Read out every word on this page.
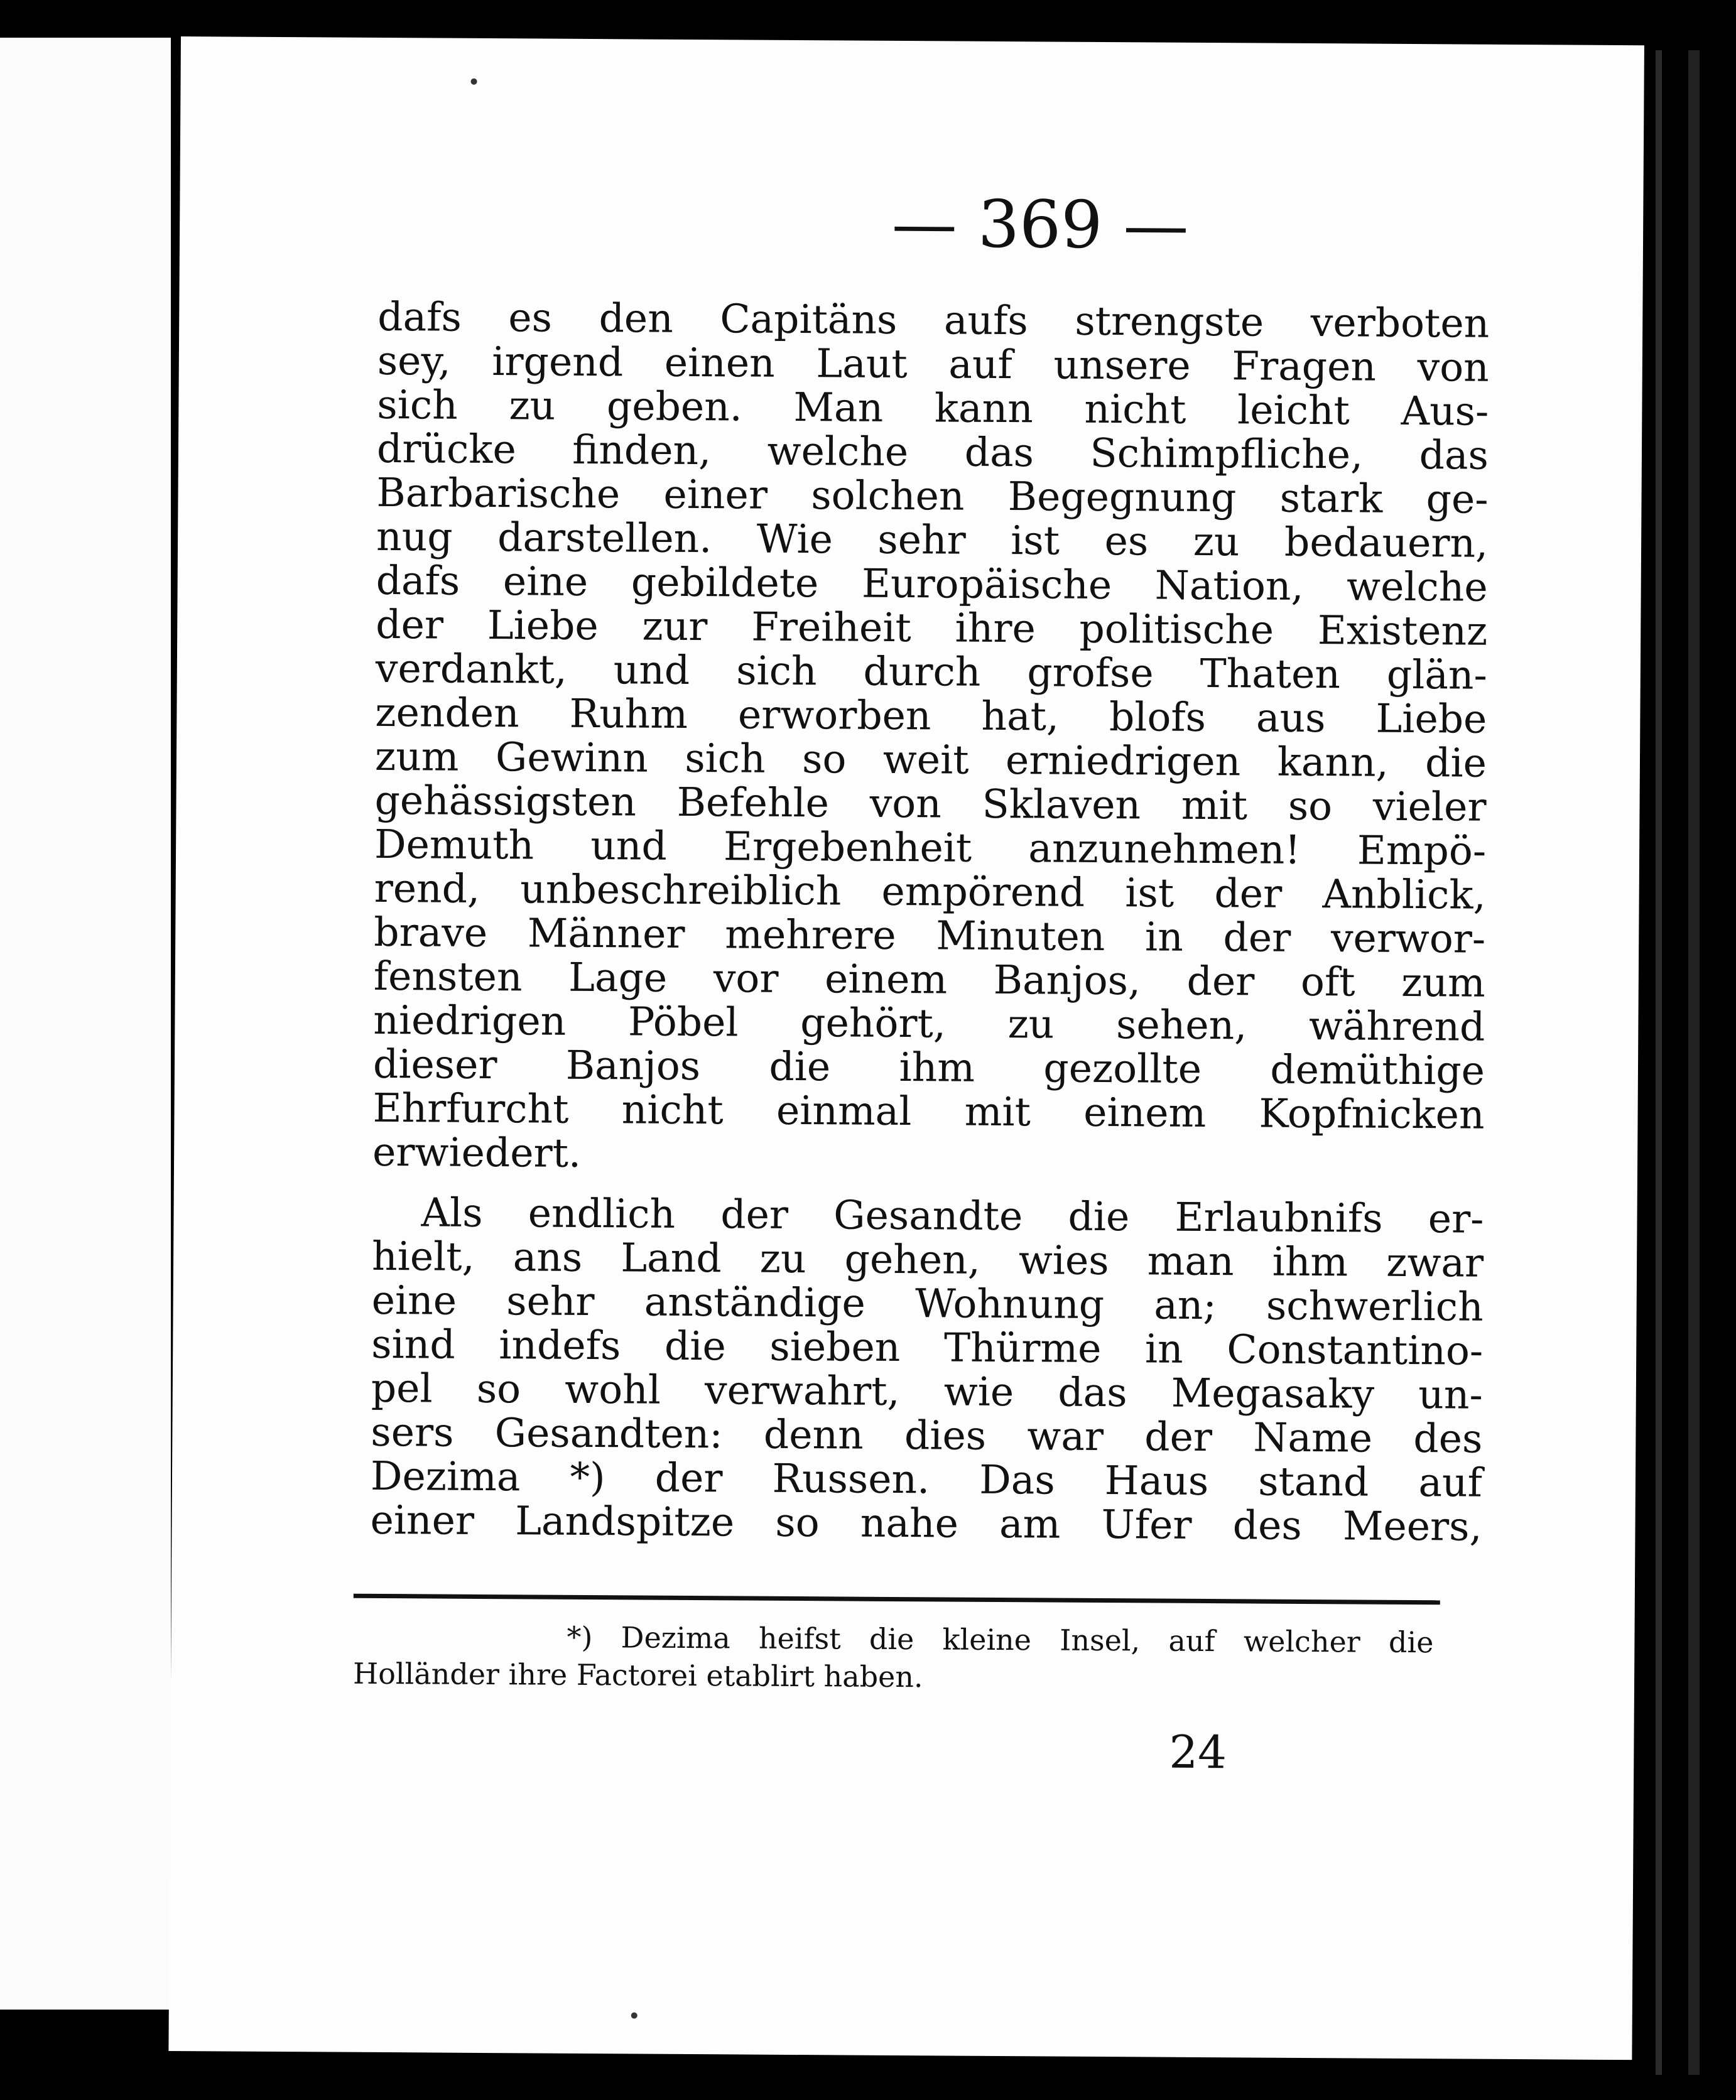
— 369 —
dafs es den Capitäns aufs strengste verboten
sey, irgend einen Laut auf unsere Fragen von
sich zu geben. Man kann nicht leicht Aus-
drücke finden, welche das Schimpfliche, das
Barbarische einer solchen Begegnung stark ge-
nug darstellen. Wie sehr ist es zu bedauern,
dafs eine gebildete Europäische Nation, welche
der Liebe zur Freiheit ihre politische Existenz
verdankt, und sich durch grofse Thaten glän-
zenden Ruhm erworben hat, blofs aus Liebe
zum Gewinn sich so weit erniedrigen kann, die
gehässigsten Befehle von Sklaven mit so vieler
Demuth und Ergebenheit anzunehmen! Empö-
rend, unbeschreiblich empörend ist der Anblick,
brave Männer mehrere Minuten in der verwor-
fensten Lage vor einem Banjos, der oft zum
niedrigen Pöbel gehört, zu sehen, während
dieser Banjos die ihm gezollte demüthige
Ehrfurcht nicht einmal mit einem Kopfnicken
erwiedert.
Als endlich der Gesandte die Erlaubnifs er-
hielt, ans Land zu gehen, wies man ihm zwar
eine sehr anständige Wohnung an; schwerlich
sind indefs die sieben Thürme in Constantino-
pel so wohl verwahrt, wie das Megasaky un-
sers Gesandten: denn dies war der Name des
Dezima *) der Russen. Das Haus stand auf
einer Landspitze so nahe am Ufer des Meers,
*) Dezima heifst die kleine Insel, auf welcher die
Holländer ihre Factorei etablirt haben.
24
